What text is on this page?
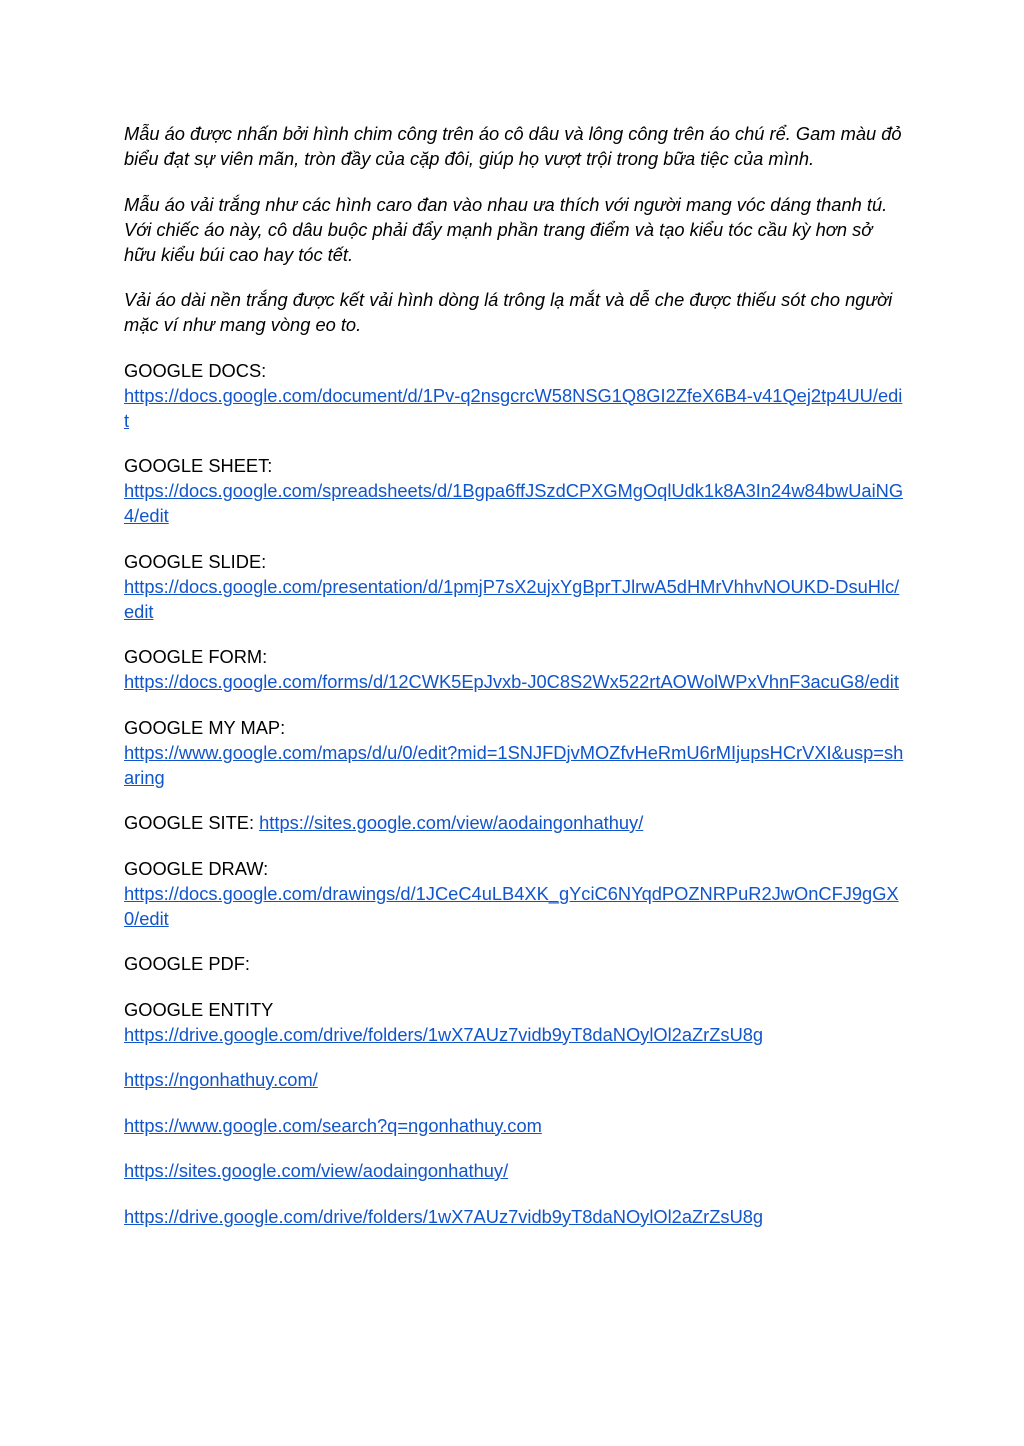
Mẫu áo được nhấn bởi hình chim công trên áo cô dâu và lông công trên áo chú rể. Gam màu đỏ biểu đạt sự viên mãn, tròn đầy của cặp đôi, giúp họ vượt trội trong bữa tiệc của mình.

Mẫu áo vải trắng như các hình caro đan vào nhau ưa thích với người mang vóc dáng thanh tú. Với chiếc áo này, cô dâu buộc phải đẩy mạnh phần trang điểm và tạo kiểu tóc cầu kỳ hơn sở hữu kiểu búi cao hay tóc tết.

Vải áo dài nền trắng được kết vải hình dòng lá trông lạ mắt và dễ che được thiếu sót cho người mặc ví như mang vòng eo to.

GOOGLE DOCS:
https://docs.google.com/document/d/1Pv-q2nsgcrcW58NSG1Q8GI2ZfeX6B4-v41Qej2tp4UU/edit
GOOGLE SHEET:
https://docs.google.com/spreadsheets/d/1Bgpa6ffJSzdCPXGMgOqlUdk1k8A3In24w84bwUaiNG4/edit
GOOGLE SLIDE:
https://docs.google.com/presentation/d/1pmjP7sX2ujxYgBprTJlrwA5dHMrVhhvNOUKD-DsuHlc/edit
GOOGLE FORM:
https://docs.google.com/forms/d/12CWK5EpJvxb-J0C8S2Wx522rtAOWolWPxVhnF3acuG8/edit
GOOGLE MY MAP:
https://www.google.com/maps/d/u/0/edit?mid=1SNJFDjvMOZfvHeRmU6rMIjupsHCrVXI&usp=sharing
GOOGLE SITE: https://sites.google.com/view/aodaingonhathuy/
GOOGLE DRAW:
https://docs.google.com/drawings/d/1JCeC4uLB4XK_gYciC6NYqdPOZNRPuR2JwOnCFJ9gGX0/edit
GOOGLE PDF:
GOOGLE ENTITY
https://drive.google.com/drive/folders/1wX7AUz7vidb9yT8daNOylOl2aZrZsU8g
https://ngonhathuy.com/
https://www.google.com/search?q=ngonhathuy.com
https://sites.google.com/view/aodaingonhathuy/
https://drive.google.com/drive/folders/1wX7AUz7vidb9yT8daNOylOl2aZrZsU8g
